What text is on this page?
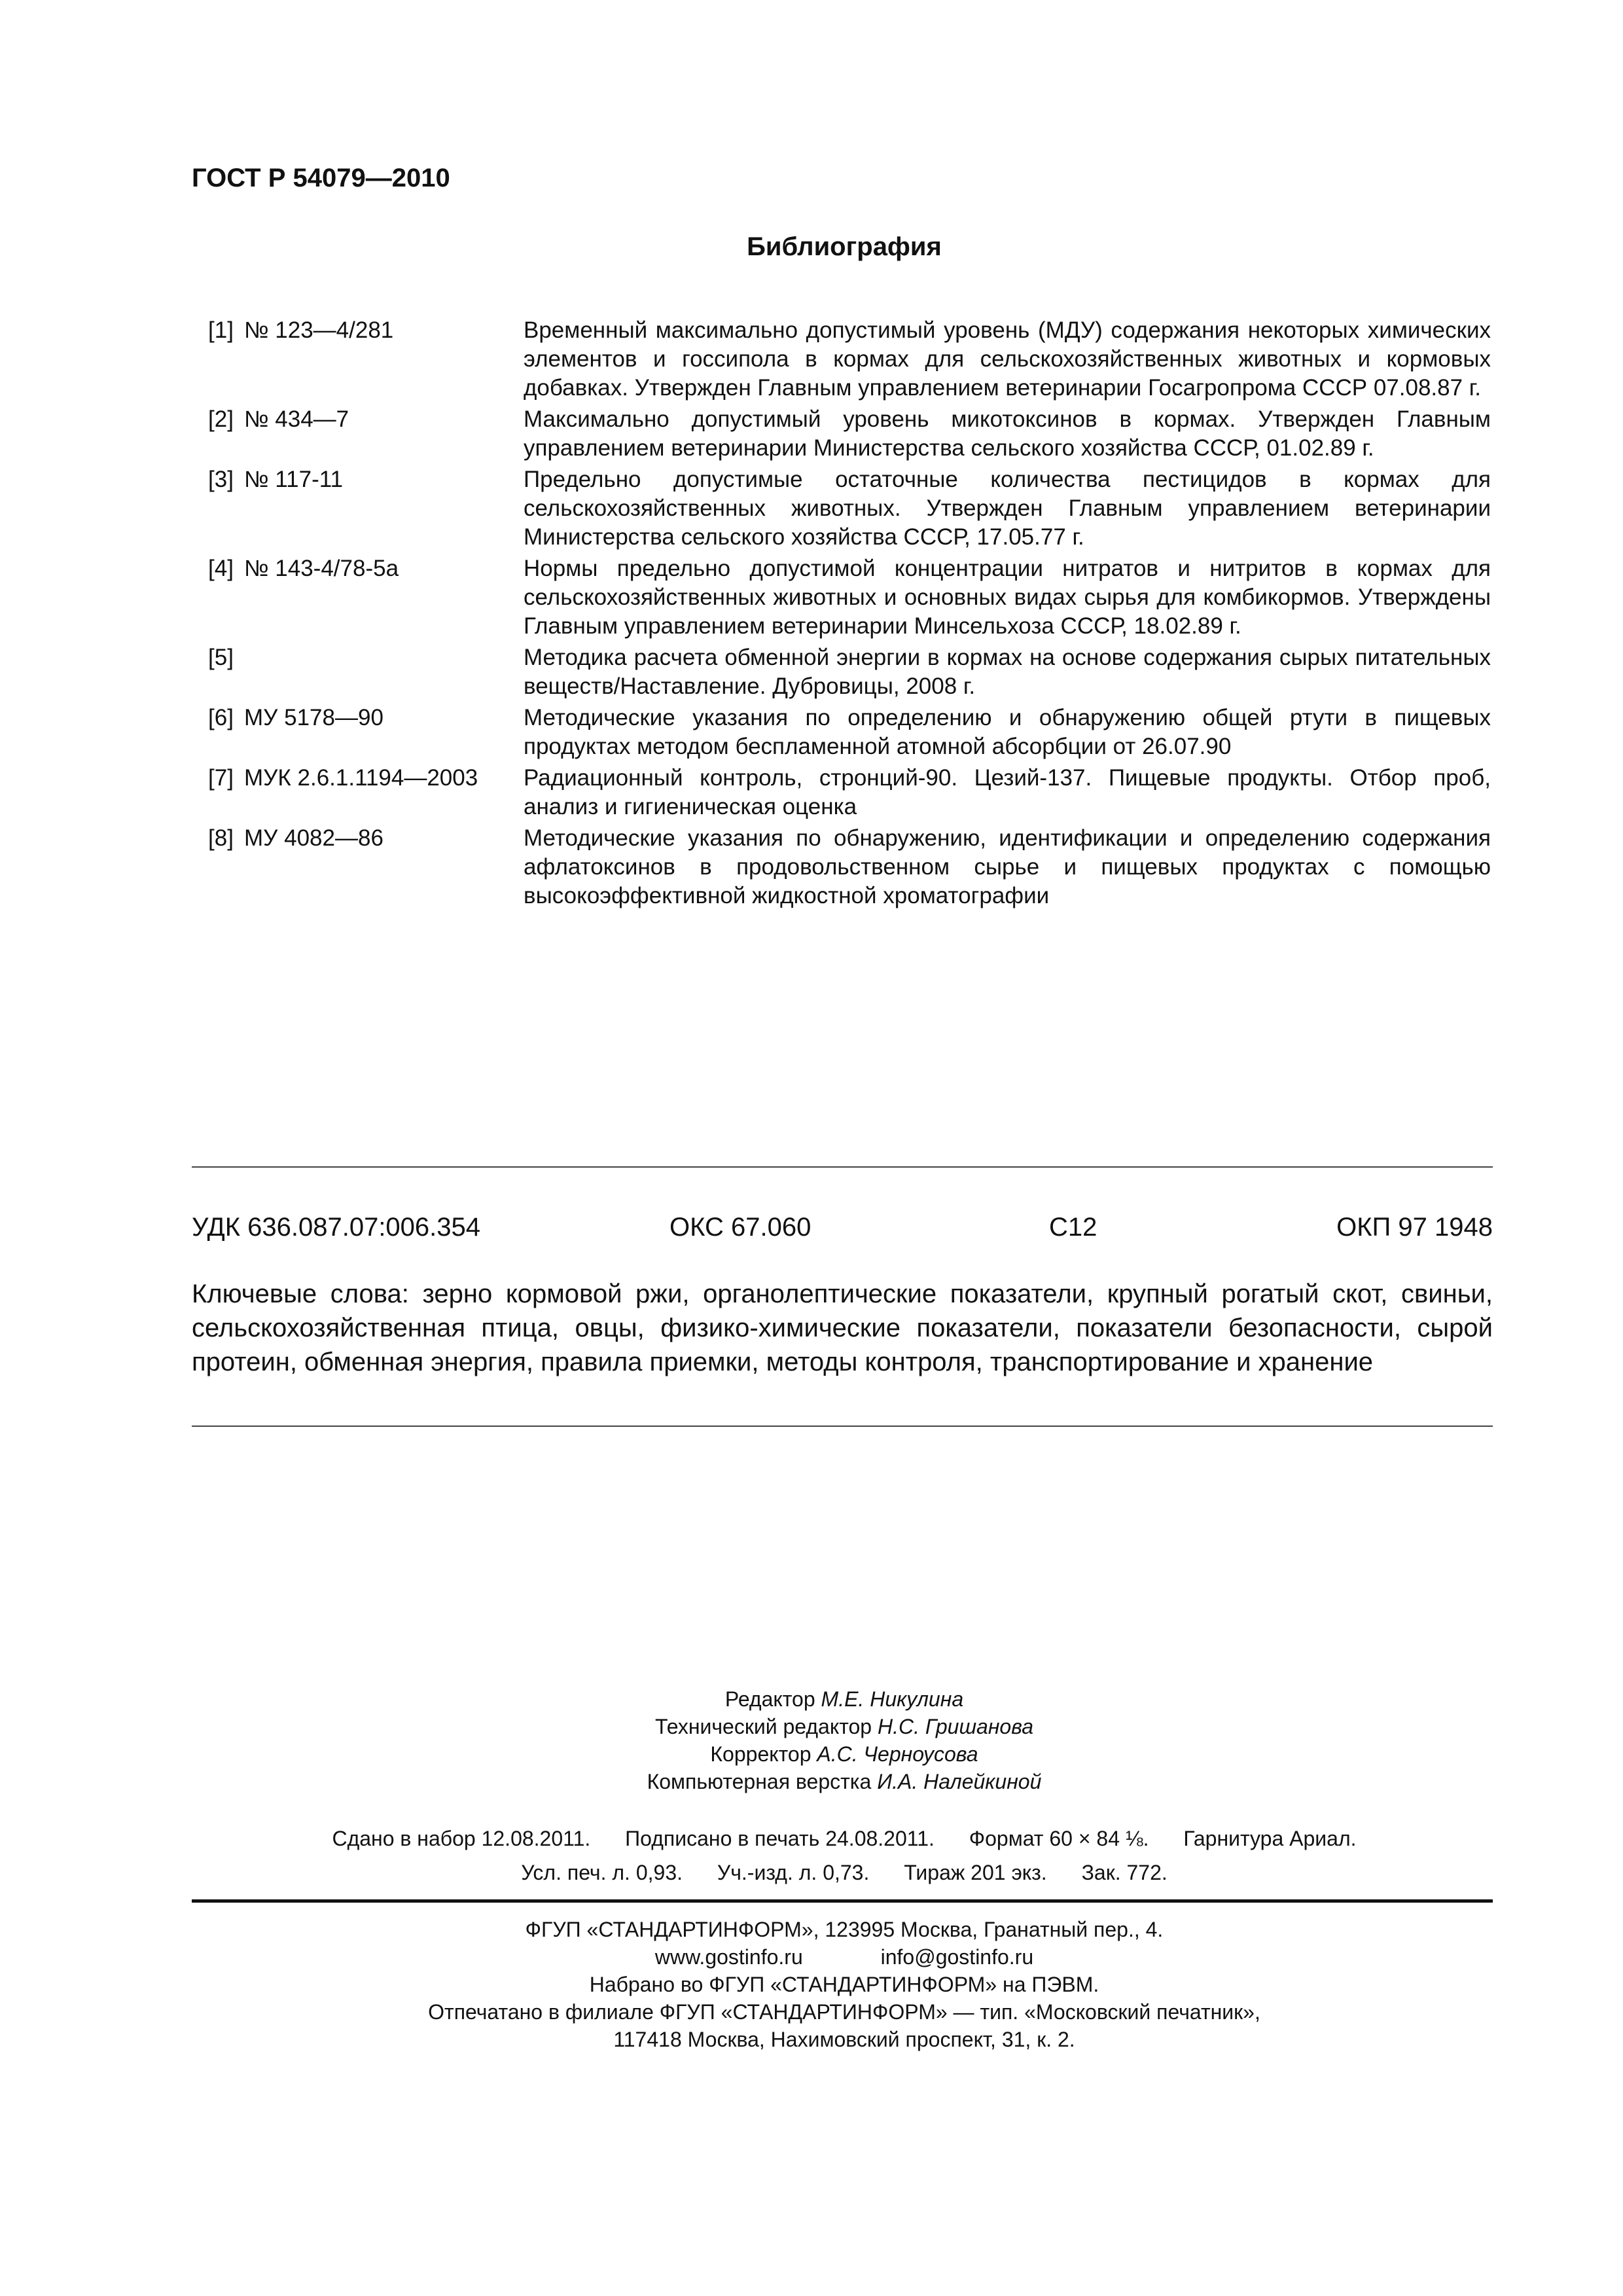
ГОСТ Р 54079—2010
Библиография
[1] № 123—4/281	Временный максимально допустимый уровень (МДУ) содержания некоторых химических элементов и госсипола в кормах для сельскохозяйственных животных и кормовых добавках. Утвержден Главным управлением ветеринарии Госагропрома СССР 07.08.87 г.
[2] № 434—7	Максимально допустимый уровень микотоксинов в кормах. Утвержден Главным управлением ветеринарии Министерства сельского хозяйства СССР, 01.02.89 г.
[3] № 117-11	Предельно допустимые остаточные количества пестицидов в кормах для сельскохозяйственных животных. Утвержден Главным управлением ветеринарии Министерства сельского хозяйства СССР, 17.05.77 г.
[4] № 143-4/78-5а	Нормы предельно допустимой концентрации нитратов и нитритов в кормах для сельскохозяйственных животных и основных видах сырья для комбикормов. Утверждены Главным управлением ветеринарии Минсельхоза СССР, 18.02.89 г.
[5]	Методика расчета обменной энергии в кормах на основе содержания сырых питательных веществ/Наставление. Дубровицы, 2008 г.
[6] МУ 5178—90	Методические указания по определению и обнаружению общей ртути в пищевых продуктах методом беспламенной атомной абсорбции от 26.07.90
[7] МУК 2.6.1.1194—2003	Радиационный контроль, стронций-90. Цезий-137. Пищевые продукты. Отбор проб, анализ и гигиеническая оценка
[8] МУ 4082—86	Методические указания по обнаружению, идентификации и определению содержания афлатоксинов в продовольственном сырье и пищевых продуктах с помощью высокоэффективной жидкостной хроматографии
УДК 636.087.07:006.354	ОКС 67.060	С12	ОКП 97 1948

Ключевые слова: зерно кормовой ржи, органолептические показатели, крупный рогатый скот, свиньи, сельскохозяйственная птица, овцы, физико-химические показатели, показатели безопасности, сырой протеин, обменная энергия, правила приемки, методы контроля, транспортирование и хранение

Редактор М.Е. Никулина
Технический редактор Н.С. Гришанова
Корректор А.С. Черноусова
Компьютерная верстка И.А. Налейкиной
Сдано в набор 12.08.2011. Подписано в печать 24.08.2011. Формат 60 × 84 ⅛. Гарнитура Ариал.
Усл. печ. л. 0,93. Уч.-изд. л. 0,73. Тираж 201 экз. Зак. 772.
ФГУП «СТАНДАРТИНФОРМ», 123995 Москва, Гранатный пер., 4.
www.gostinfo.ru	info@gostinfo.ru
Набрано во ФГУП «СТАНДАРТИНФОРМ» на ПЭВМ.
Отпечатано в филиале ФГУП «СТАНДАРТИНФОРМ» — тип. «Московский печатник»,
117418 Москва, Нахимовский проспект, 31, к. 2.
